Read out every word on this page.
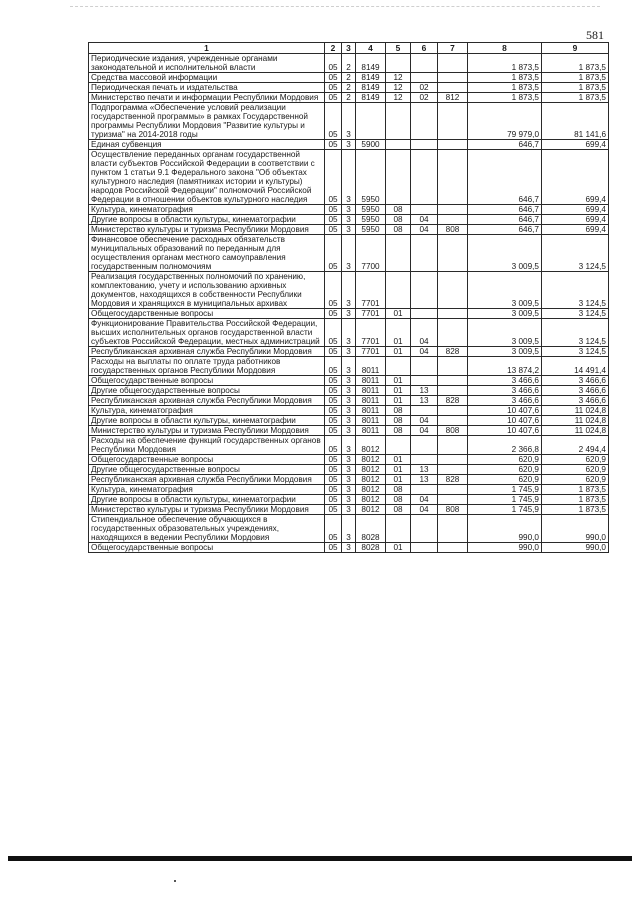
581
1	2	3	4	5	6	7	8	9
Периодические издания, учрежденные органами законодательной и исполнительной власти	05	2	8149				1 873,5	1 873,5
Средства массовой информации	05	2	8149	12			1 873,5	1 873,5
Периодическая печать и издательства	05	2	8149	12	02		1 873,5	1 873,5
Министерство печати и информации Республики Мордовия	05	2	8149	12	02	812	1 873,5	1 873,5
Подпрограмма «Обеспечение условий реализации государственной программы» в рамках Государственной программы Республики Мордовия "Развитие культуры и туризма" на 2014-2018 годы	05	3					79 979,0	81 141,6
Единая субвенция	05	3	5900				646,7	699,4
Осуществление переданных органам государственной власти субъектов Российской Федерации в соответствии с пунктом 1 статьи 9.1 Федерального закона "Об объектах культурного наследия (памятниках истории и культуры) народов Российской Федерации" полномочий Российской Федерации в отношении объектов культурного наследия	05	3	5950				646,7	699,4
Культура, кинематография	05	3	5950	08			646,7	699,4
Другие вопросы в области культуры, кинематографии	05	3	5950	08	04		646,7	699,4
Министерство культуры и туризма Республики Мордовия	05	3	5950	08	04	808	646,7	699,4
Финансовое обеспечение расходных обязательств муниципальных образований по переданным для осуществления органам местного самоуправления государственным полномочиям	05	3	7700				3 009,5	3 124,5
Реализация государственных полномочий по хранению, комплектованию, учету и использованию архивных документов, находящихся в собственности Республики Мордовия и хранящихся в муниципальных архивах	05	3	7701				3 009,5	3 124,5
Общегосударственные вопросы	05	3	7701	01			3 009,5	3 124,5
Функционирование Правительства Российской Федерации, высших исполнительных органов государственной власти субъектов Российской Федерации, местных администраций	05	3	7701	01	04		3 009,5	3 124,5
Республиканская архивная служба Республики Мордовия	05	3	7701	01	04	828	3 009,5	3 124,5
Расходы на выплаты по оплате труда работников государственных органов Республики Мордовия	05	3	8011				13 874,2	14 491,4
Общегосударственные вопросы	05	3	8011	01			3 466,6	3 466,6
Другие общегосударственные вопросы	05	3	8011	01	13		3 466,6	3 466,6
Республиканская архивная служба Республики Мордовия	05	3	8011	01	13	828	3 466,6	3 466,6
Культура, кинематография	05	3	8011	08			10 407,6	11 024,8
Другие вопросы в области культуры, кинематографии	05	3	8011	08	04		10 407,6	11 024,8
Министерство культуры и туризма Республики Мордовия	05	3	8011	08	04	808	10 407,6	11 024,8
Расходы на обеспечение функций государственных органов Республики Мордовия	05	3	8012				2 366,8	2 494,4
Общегосударственные вопросы	05	3	8012	01			620,9	620,9
Другие общегосударственные вопросы	05	3	8012	01	13		620,9	620,9
Республиканская архивная служба Республики Мордовия	05	3	8012	01	13	828	620,9	620,9
Культура, кинематография	05	3	8012	08			1 745,9	1 873,5
Другие вопросы в области культуры, кинематографии	05	3	8012	08	04		1 745,9	1 873,5
Министерство культуры и туризма Республики Мордовия	05	3	8012	08	04	808	1 745,9	1 873,5
Стипендиальное обеспечение обучающихся в государственных образовательных учреждениях, находящихся в ведении Республики Мордовия	05	3	8028				990,0	990,0
Общегосударственные вопросы	05	3	8028	01			990,0	990,0
